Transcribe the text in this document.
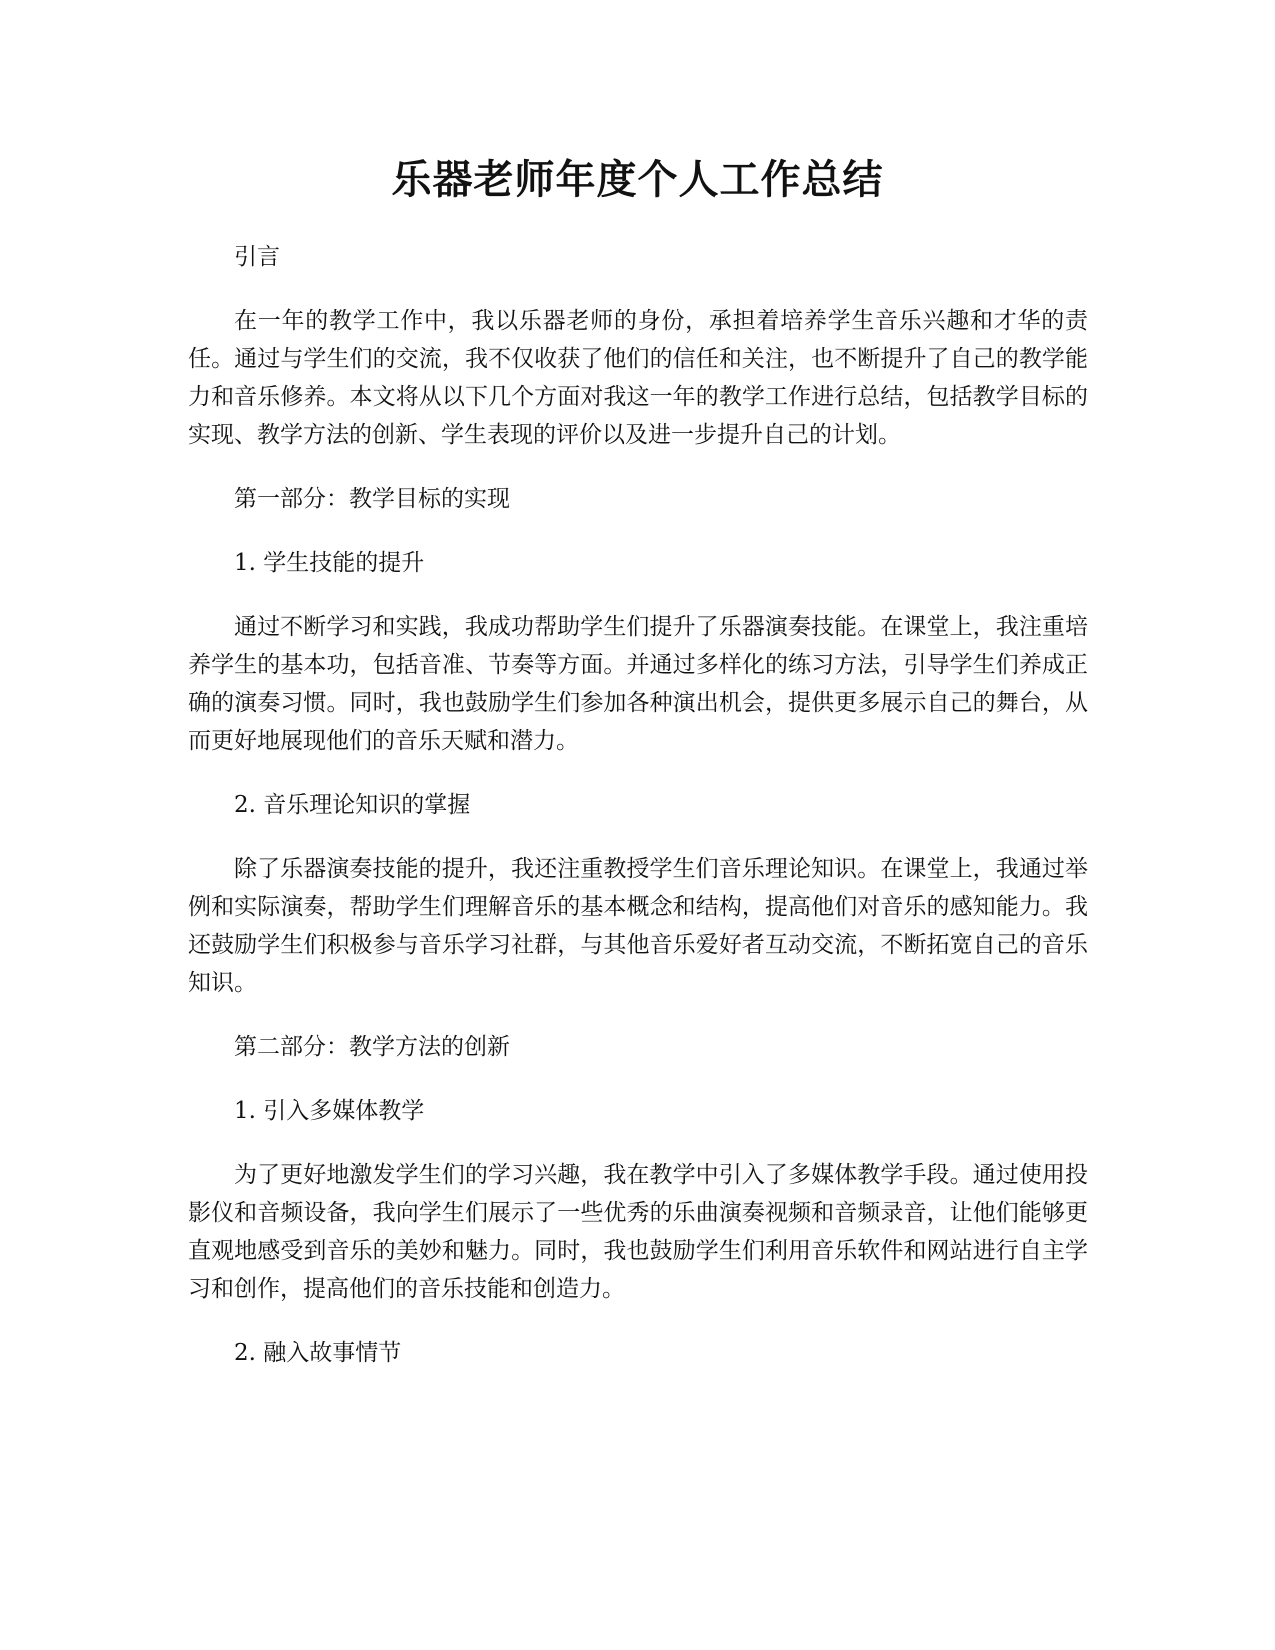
乐器老师年度个人工作总结

引言

在一年的教学工作中，我以乐器老师的身份，承担着培养学生音乐兴趣和才华的责任。通过与学生们的交流，我不仅收获了他们的信任和关注，也不断提升了自己的教学能力和音乐修养。本文将从以下几个方面对我这一年的教学工作进行总结，包括教学目标的实现、教学方法的创新、学生表现的评价以及进一步提升自己的计划。

第一部分：教学目标的实现

1. 学生技能的提升

通过不断学习和实践，我成功帮助学生们提升了乐器演奏技能。在课堂上，我注重培养学生的基本功，包括音准、节奏等方面。并通过多样化的练习方法，引导学生们养成正确的演奏习惯。同时，我也鼓励学生们参加各种演出机会，提供更多展示自己的舞台，从而更好地展现他们的音乐天赋和潜力。

2. 音乐理论知识的掌握

除了乐器演奏技能的提升，我还注重教授学生们音乐理论知识。在课堂上，我通过举例和实际演奏，帮助学生们理解音乐的基本概念和结构，提高他们对音乐的感知能力。我还鼓励学生们积极参与音乐学习社群，与其他音乐爱好者互动交流，不断拓宽自己的音乐知识。

第二部分：教学方法的创新

1. 引入多媒体教学

为了更好地激发学生们的学习兴趣，我在教学中引入了多媒体教学手段。通过使用投影仪和音频设备，我向学生们展示了一些优秀的乐曲演奏视频和音频录音，让他们能够更直观地感受到音乐的美妙和魅力。同时，我也鼓励学生们利用音乐软件和网站进行自主学习和创作，提高他们的音乐技能和创造力。

2. 融入故事情节
